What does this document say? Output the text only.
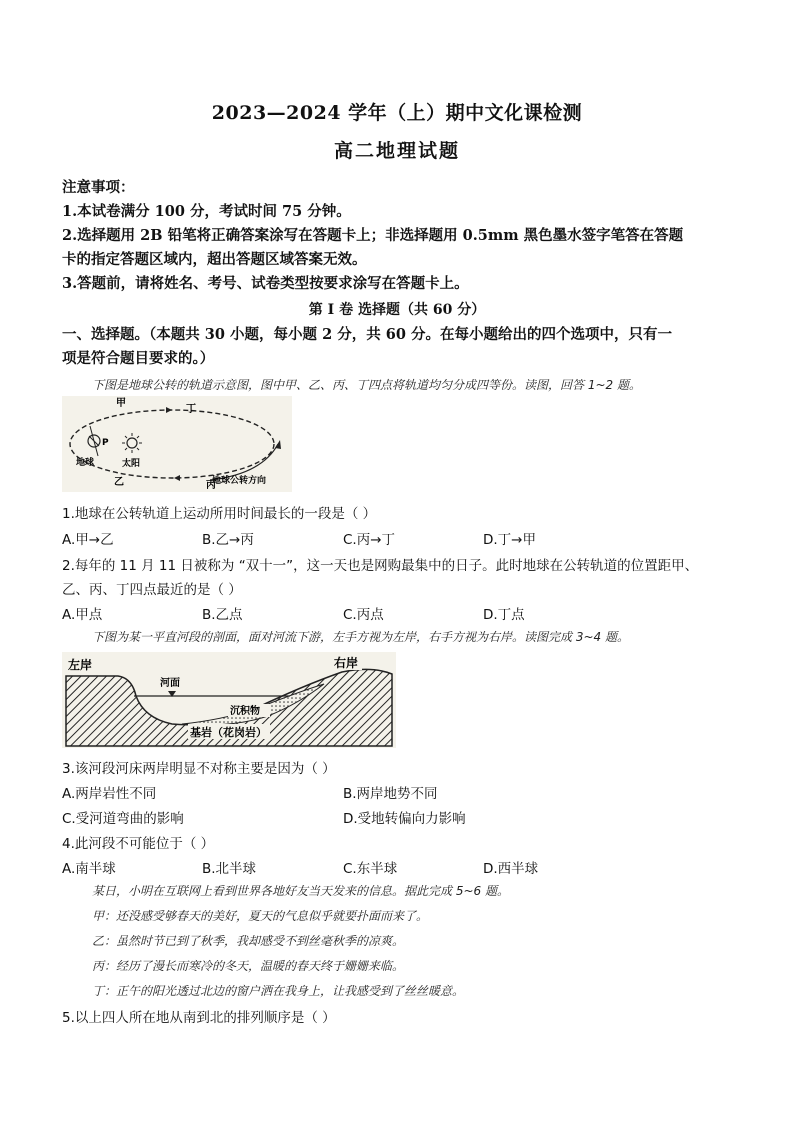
2023—2024 学年（上）期中文化课检测
高二地理试题
注意事项：
1.本试卷满分 100 分，考试时间 75 分钟。
2.选择题用 2B 铅笔将正确答案涂写在答题卡上；非选择题用 0.5mm 黑色墨水签字笔答在答题
卡的指定答题区域内，超出答题区域答案无效。
3.答题前，请将姓名、考号、试卷类型按要求涂写在答题卡上。
第 I 卷 选择题（共 60 分）
一、选择题。（本题共 30 小题，每小题 2 分，共 60 分。在每小题给出的四个选项中，只有一
项是符合题目要求的。）
下图是地球公转的轨道示意图，图中甲、乙、丙、丁四点将轨道均匀分成四等份。读图，回答 1~2 题。
甲
丁
乙	丙
P
地球	太阳
地球公转方向
1.地球在公转轨道上运动所用时间最长的一段是（ ）
A.甲→乙	B.乙→丙	C.丙→丁	D.丁→甲
2.每年的 11 月 11 日被称为 “双十一”，这一天也是网购最集中的日子。此时地球在公转轨道的位置距甲、
乙、丙、丁四点最近的是（ ）
A.甲点	B.乙点	C.丙点	D.丁点
下图为某一平直河段的剖面，面对河流下游，左手方视为左岸，右手方视为右岸。读图完成 3~4 题。
河面
左岸	右岸
沉积物
基岩（花岗岩）
3.该河段河床两岸明显不对称主要是因为（ ）
A.两岸岩性不同	B.两岸地势不同
C.受河道弯曲的影响	D.受地转偏向力影响
4.此河段不可能位于（ ）
A.南半球	B.北半球	C.东半球	D.西半球
某日，小明在互联网上看到世界各地好友当天发来的信息。据此完成 5~6 题。
甲：还没感受够春天的美好，夏天的气息似乎就要扑面而来了。
乙：虽然时节已到了秋季，我却感受不到丝毫秋季的凉爽。
丙：经历了漫长而寒冷的冬天，温暖的春天终于姗姗来临。
丁：正午的阳光透过北边的窗户洒在我身上，让我感受到了丝丝暖意。
5.以上四人所在地从南到北的排列顺序是（ ）
